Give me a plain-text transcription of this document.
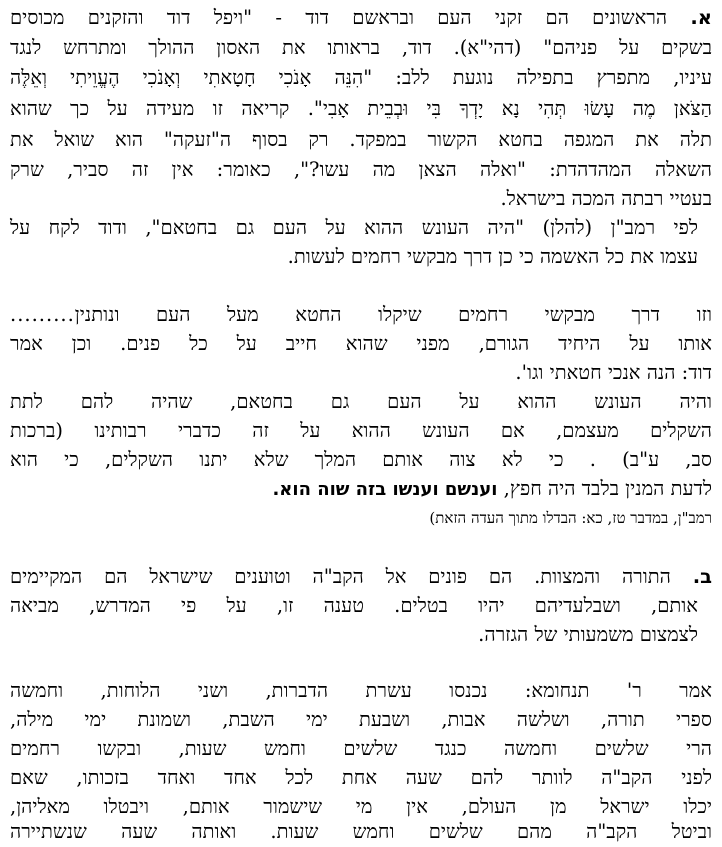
א. הראשונים הם זקני העם ובראשם דוד - "ויפל דוד והזקנים מכוסים
בשקים על פניהם" (דהי"א). דוד, בראותו את האסון ההולך ומתרחש לנגד
עיניו, מתפרץ בתפילה נוגעת ללב: "הִנֵּה אָנֹכִי חָטָאתִי וְאָנֹכִי הֶעֱוֵיתִי וְאֵלֶּה
הַצֹּאן מֶה עָשׂוּ תְּהִי נָא יָדְךָ בִּי וּבְבֵית אָבִי". קריאה זו מעידה על כך שהוא
תלה את המגפה בחטא הקשור במפקד. רק בסוף ה"זעקה" הוא שואל את
השאלה המהדהדת: "ואלה הצאן מה עשו?", כאומר: אין זה סביר, שרק
בעטיי רבתה המכה בישראל.
לפי רמב"ן (להלן) "היה העונש ההוא על העם גם בחטאם", ודוד לקח על
עצמו את כל האשמה כי כן דרך מבקשי רחמים לעשות.
וזו דרך מבקשי רחמים שיקלו החטא מעל העם ונותנין.........
אותו על היחיד הגורם, מפני שהוא חייב על כל פנים. וכן אמר
דוד: הנה אנכי חטאתי וגו'.
והיה העונש ההוא על העם גם בחטאם, שהיה להם לתת
השקלים מעצמם, אם העונש ההוא על זה כדברי רבותינו (ברכות
סב, ע"ב) . כי לא צוה אותם המלך שלא יתנו השקלים, כי הוא
לדעת המנין בלבד היה חפץ, וענשם וענשו בזה שוה הוא.
רמב"ן, במדבר טז, כא: הבדלו מתוך העדה הזאת)
ב. התורה והמצוות. הם פונים אל הקב"ה וטוענים שישראל הם המקיימים
אותם, ושבלעדיהם יהיו בטלים. טענה זו, על פי המדרש, מביאה
לצמצום משמעותי של הגזרה.
אמר ר' תנחומא: נכנסו עשרת הדברות, ושני הלוחות, וחמשה
ספרי תורה, ושלשה אבות, ושבעת ימי השבת, ושמונת ימי מילה,
הרי שלשים וחמשה כנגד שלשים וחמש שעות, ובקשו רחמים
לפני הקב"ה לוותר להם שעה אחת לכל אחד ואחד בזכותו, שאם
יכלו ישראל מן העולם, אין מי שישמור אותם, ויבטלו מאליהן,
וביטל הקב"ה מהם שלשים וחמש שעות. ואותה שעה שנשתיירה
